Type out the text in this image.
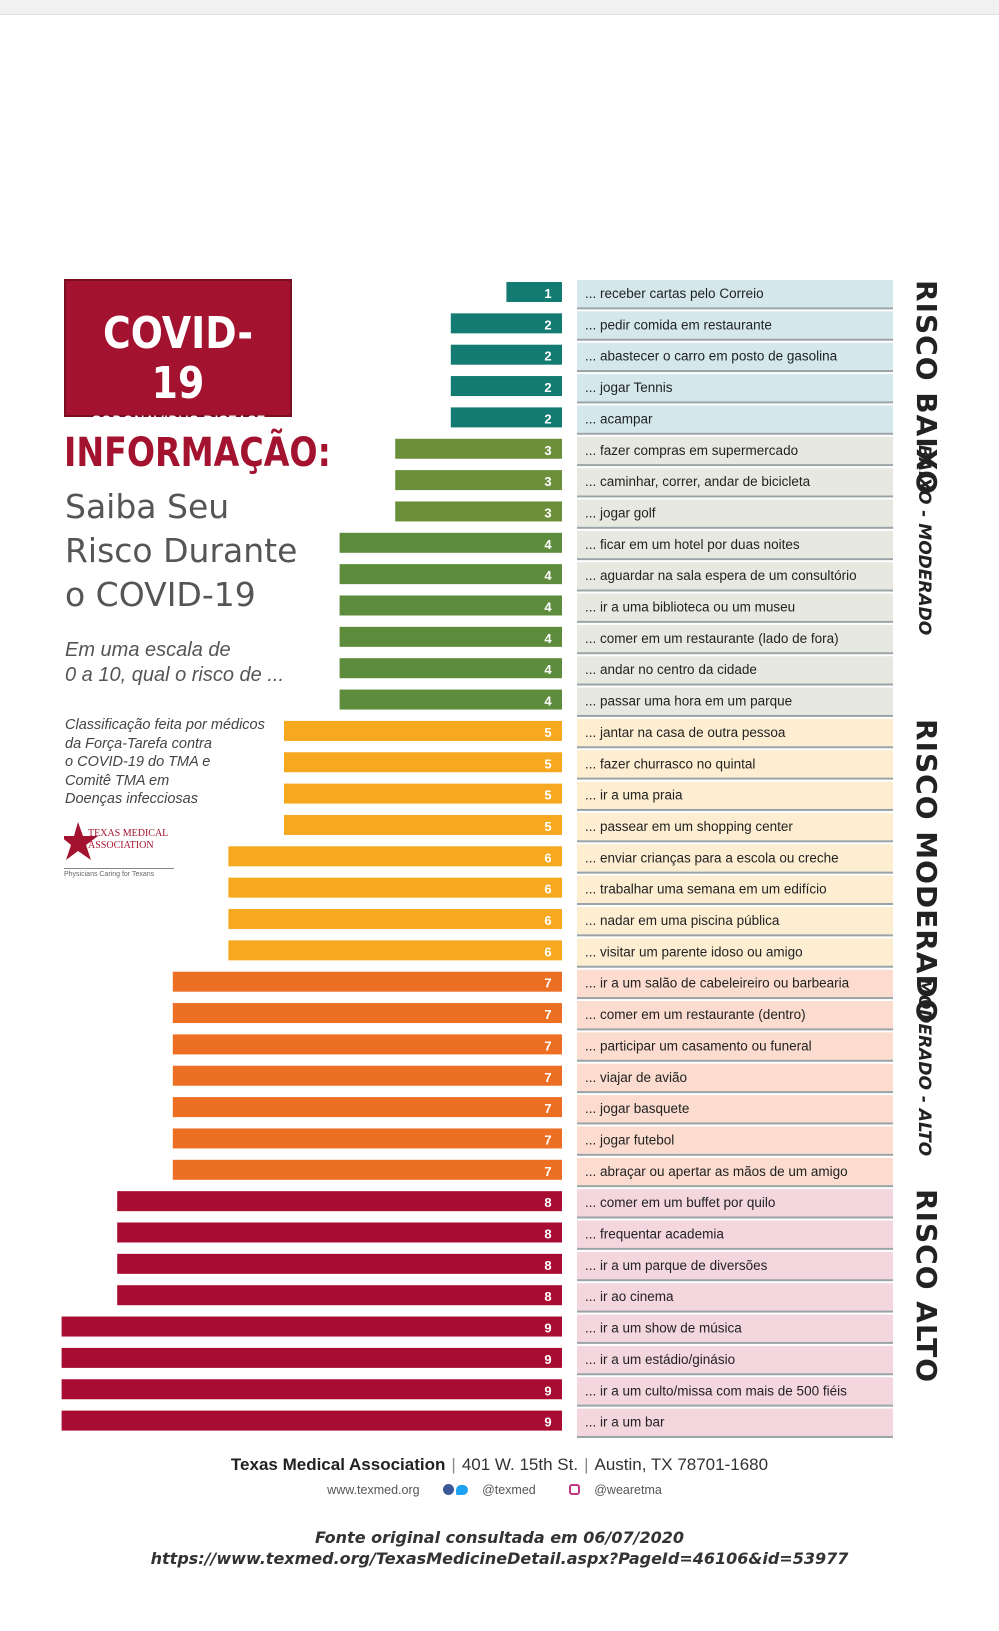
COVID-19
CORONAVIRUS DISEASE
INFORMAÇÃO:
Saiba Seu
Risco Durante
o COVID-19
Em uma escala de
0 a 10, qual o risco de ...
Classificação feita por médicos
da Força-Tarefa contra
o COVID-19 do TMA e
Comitê TMA em
Doenças infecciosas
TEXAS MEDICAL
ASSOCIATION
Physicians Caring for Texans
1 ... receber cartas pelo Correio
2 ... pedir comida em restaurante
2 ... abastecer o carro em posto de gasolina
2 ... jogar Tennis
2 ... acampar
3 ... fazer compras em supermercado
3 ... caminhar, correr, andar de bicicleta
3 ... jogar golf
4 ... ficar em um hotel por duas noites
4 ... aguardar na sala espera de um consultório
4 ... ir a uma biblioteca ou um museu
4 ... comer em um restaurante (lado de fora)
4 ... andar no centro da cidade
4 ... passar uma hora em um parque
5 ... jantar na casa de outra pessoa
5 ... fazer churrasco no quintal
5 ... ir a uma praia
5 ... passear em um shopping center
6 ... enviar crianças para a escola ou creche
6 ... trabalhar uma semana em um edifício
6 ... nadar em uma piscina pública
6 ... visitar um parente idoso ou amigo
7 ... ir a um salão de cabeleireiro ou barbearia
7 ... comer em um restaurante (dentro)
7 ... participar um casamento ou funeral
7 ... viajar de avião
7 ... jogar basquete
7 ... jogar futebol
7 ... abraçar ou apertar as mãos de um amigo
8 ... comer em um buffet por quilo
8 ... frequentar academia
8 ... ir a um parque de diversões
8 ... ir ao cinema
9 ... ir a um show de música
9 ... ir a um estádio/ginásio
9 ... ir a um culto/missa com mais de 500 fiéis
9 ... ir a um bar
RISCO BAIXO
BAIXO - MODERADO
RISCO MODERADO
MODERADO - ALTO
RISCO ALTO
Texas Medical Association | 401 W. 15th St. | Austin, TX 78701-1680
www.texmed.org	@texmed	@wearetma
Fonte original consultada em 06/07/2020
https://www.texmed.org/TexasMedicineDetail.aspx?PageId=46106&id=53977
